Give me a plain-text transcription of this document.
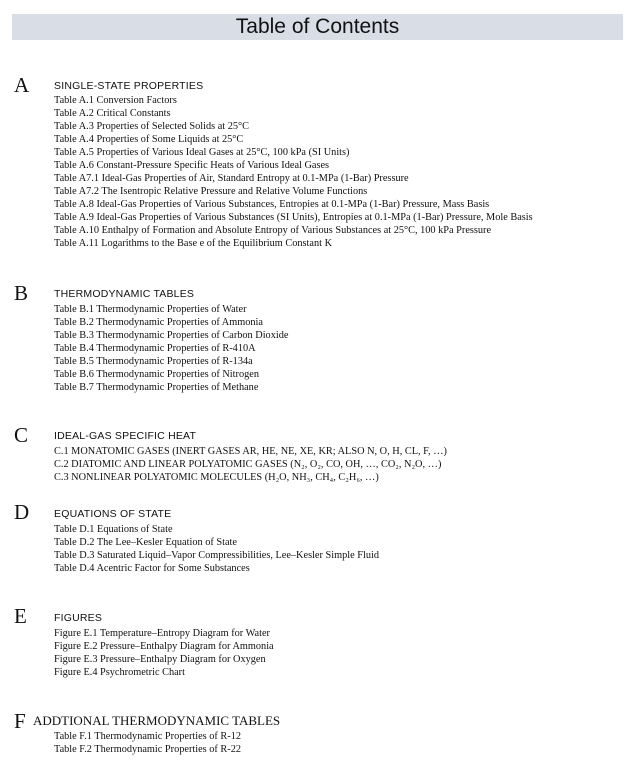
Table of Contents
A SINGLE-STATE PROPERTIES
Table A.1 Conversion Factors
Table A.2 Critical Constants
Table A.3 Properties of Selected Solids at 25°C
Table A.4 Properties of Some Liquids at 25°C
Table A.5 Properties of Various Ideal Gases at 25°C, 100 kPa (SI Units)
Table A.6 Constant-Pressure Specific Heats of Various Ideal Gases
Table A7.1 Ideal-Gas Properties of Air, Standard Entropy at 0.1-MPa (1-Bar) Pressure
Table A7.2 The Isentropic Relative Pressure and Relative Volume Functions
Table A.8 Ideal-Gas Properties of Various Substances, Entropies at 0.1-MPa (1-Bar) Pressure, Mass Basis
Table A.9 Ideal-Gas Properties of Various Substances (SI Units), Entropies at 0.1-MPa (1-Bar) Pressure, Mole Basis
Table A.10 Enthalpy of Formation and Absolute Entropy of Various Substances at 25°C, 100 kPa Pressure
Table A.11 Logarithms to the Base e of the Equilibrium Constant K
B THERMODYNAMIC TABLES
Table B.1 Thermodynamic Properties of Water
Table B.2 Thermodynamic Properties of Ammonia
Table B.3 Thermodynamic Properties of Carbon Dioxide
Table B.4 Thermodynamic Properties of R-410A
Table B.5 Thermodynamic Properties of R-134a
Table B.6 Thermodynamic Properties of Nitrogen
Table B.7 Thermodynamic Properties of Methane
C IDEAL-GAS SPECIFIC HEAT
C.1 MONATOMIC GASES (INERT GASES AR, HE, NE, XE, KR; ALSO N, O, H, CL, F, …)
C.2 DIATOMIC AND LINEAR POLYATOMIC GASES (N₂, O₂, CO, OH, …, CO₂, N₂O, …)
C.3 NONLINEAR POLYATOMIC MOLECULES (H₂O, NH₃, CH₄, C₂H₆, …)
D EQUATIONS OF STATE
Table D.1 Equations of State
Table D.2 The Lee–Kesler Equation of State
Table D.3 Saturated Liquid–Vapor Compressibilities, Lee–Kesler Simple Fluid
Table D.4 Acentric Factor for Some Substances
E	FIGURES
Figure E.1 Temperature–Entropy Diagram for Water
Figure E.2 Pressure–Enthalpy Diagram for Ammonia
Figure E.3 Pressure–Enthalpy Diagram for Oxygen
Figure E.4 Psychrometric Chart
F ADDTIONAL THERMODYNAMIC TABLES
Table F.1 Thermodynamic Properties of R-12
Table F.2 Thermodynamic Properties of R-22
